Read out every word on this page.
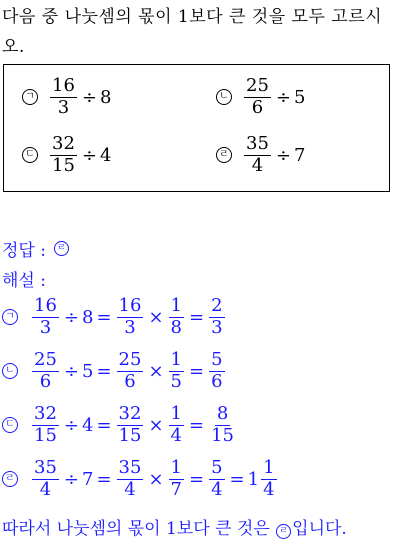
다음 중 나눗셈의 몫이 1보다 큰 것을 모두 고르시
오.
ㄱ $\frac{16}{3} \div 8$	ㄴ $\frac{25}{6} \div 5$
ㄷ $\frac{32}{15} \div 4$	ㄹ $\frac{35}{4} \div 7$
정답 :	ㄹ
해설 :
ㄱ $\frac{16}{3} \div 8 = \frac{16}{3} \times \frac{1}{8} = \frac{2}{3}$
ㄴ $\frac{25}{6} \div 5 = \frac{25}{6} \times \frac{1}{5} = \frac{5}{6}$
ㄷ $\frac{32}{15} \div 4 = \frac{32}{15} \times \frac{1}{4} = \frac{8}{15}$
ㄹ $\frac{35}{4} \div 7 = \frac{35}{4} \times \frac{1}{7} = \frac{5}{4} = 1 \frac{1}{4}$
따라서 나눗셈의 몫이 1보다 큰 것은 ㄹ 입니다.
